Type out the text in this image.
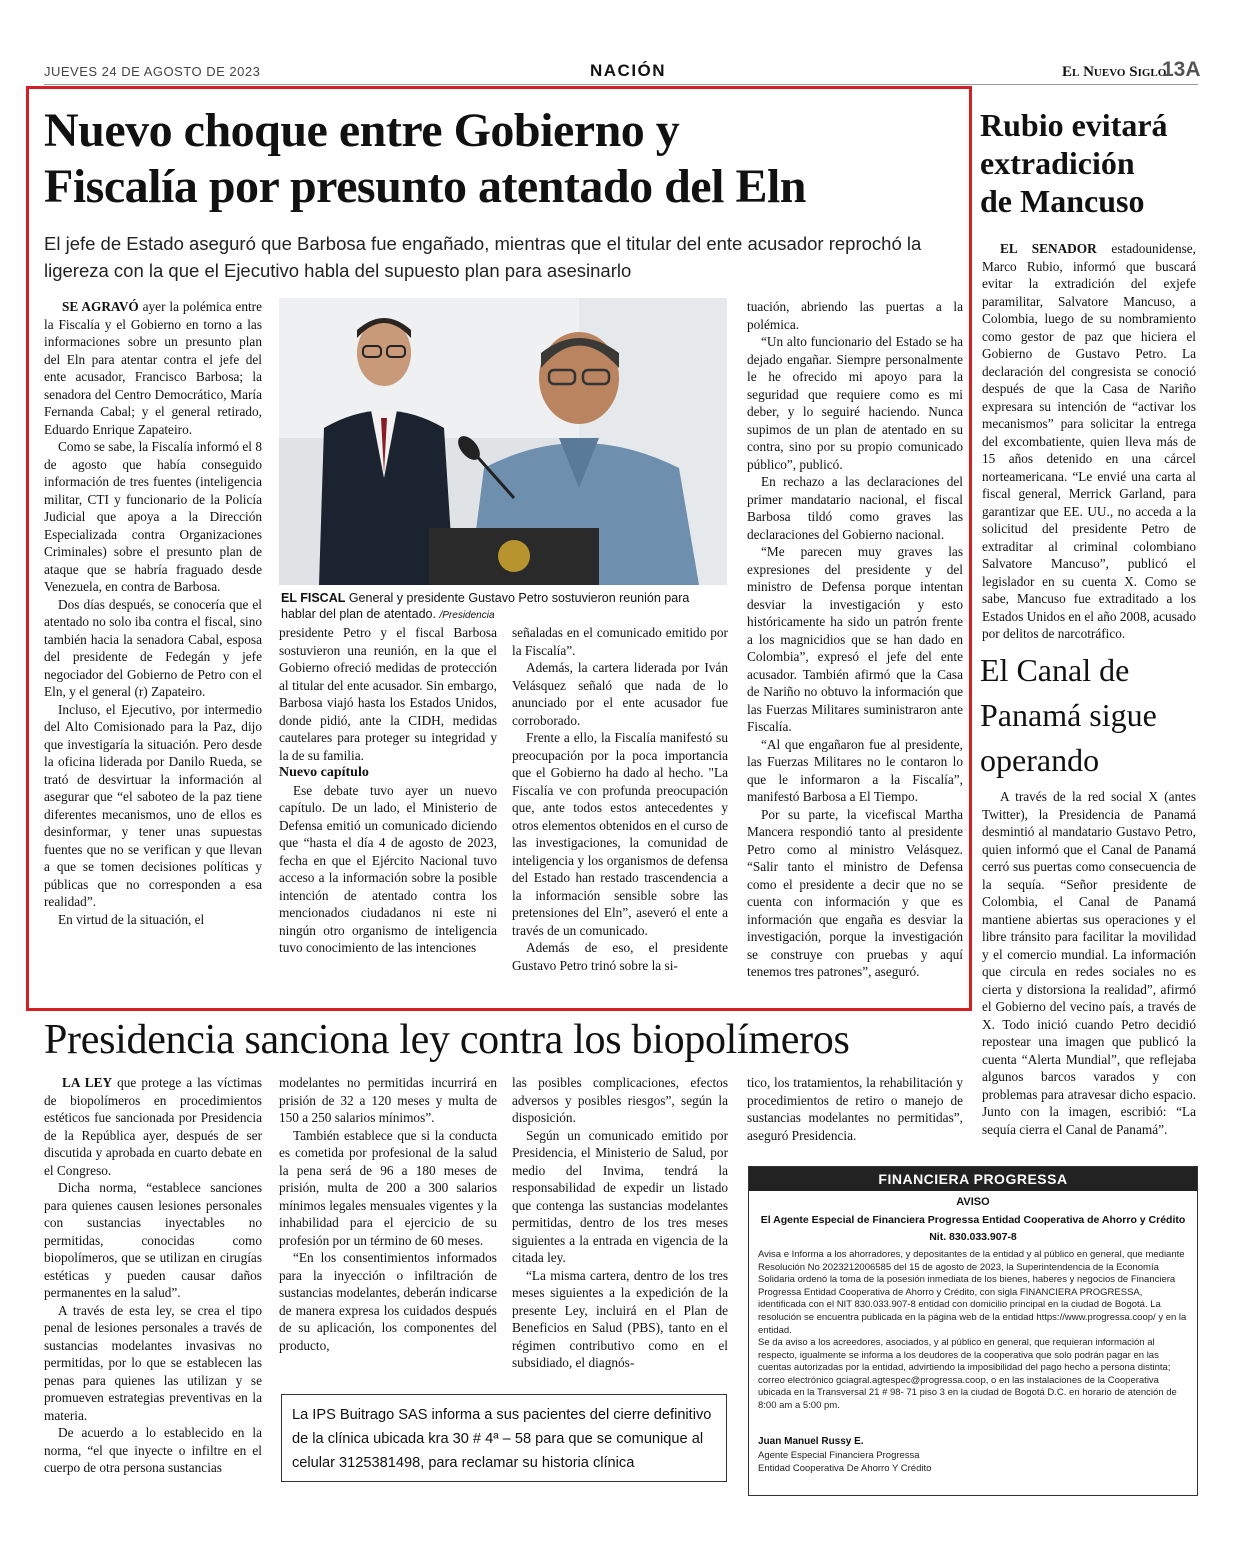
JUEVES 24 DE AGOSTO DE 2023	NACIÓN	El Nuevo Siglo
13A
Nuevo choque entre Gobierno y
Fiscalía por presunto atentado del Eln
El jefe de Estado aseguró que Barbosa fue engañado, mientras que el titular del ente acusador reprochó la ligereza con la que el Ejecutivo habla del supuesto plan para asesinarlo

SE AGRAVÓ ayer la polémica entre la Fiscalía y el Gobierno en torno a las informaciones sobre un presunto plan del Eln para atentar contra el jefe del ente acusador, Francisco Barbosa; la senadora del Centro Democrático, María Fernanda Cabal; y el general retirado, Eduardo Enrique Zapateiro.

Como se sabe, la Fiscalía informó el 8 de agosto que había conseguido información de tres fuentes (inteligencia militar, CTI y funcionario de la Policía Judicial que apoya a la Dirección Especializada contra Organizaciones Criminales) sobre el presunto plan de ataque que se habría fraguado desde Venezuela, en contra de Barbosa.

Dos días después, se conocería que el atentado no solo iba contra el fiscal, sino también hacia la senadora Cabal, esposa del presidente de Fedegán y jefe negociador del Gobierno de Petro con el Eln, y el general (r) Zapateiro.

Incluso, el Ejecutivo, por intermedio del Alto Comisionado para la Paz, dijo que investigaría la situación. Pero desde la oficina liderada por Danilo Rueda, se trató de desvirtuar la información al asegurar que “el saboteo de la paz tiene diferentes mecanismos, uno de ellos es desinformar, y tener unas supuestas fuentes que no se verifican y que llevan a que se tomen decisiones políticas y públicas que no corresponden a esa realidad”.

En virtud de la situación, el

EL FISCAL General y presidente Gustavo Petro sostuvieron reunión para hablar del plan de atentado. /Presidencia

presidente Petro y el fiscal Barbosa sostuvieron una reunión, en la que el Gobierno ofreció medidas de protección al titular del ente acusador. Sin embargo, Barbosa viajó hasta los Estados Unidos, donde pidió, ante la CIDH, medidas cautelares para proteger su integridad y la de su familia.

Nuevo capítulo

Ese debate tuvo ayer un nuevo capítulo. De un lado, el Ministerio de Defensa emitió un comunicado diciendo que “hasta el día 4 de agosto de 2023, fecha en que el Ejército Nacional tuvo acceso a la información sobre la posible intención de atentado contra los mencionados ciudadanos ni este ni ningún otro organismo de inteligencia tuvo conocimiento de las intenciones

señaladas en el comunicado emitido por la Fiscalía”.

Además, la cartera liderada por Iván Velásquez señaló que nada de lo anunciado por el ente acusador fue corroborado.

Frente a ello, la Fiscalía manifestó su preocupación por la poca importancia que el Gobierno ha dado al hecho. "La Fiscalía ve con profunda preocupación que, ante todos estos antecedentes y otros elementos obtenidos en el curso de las investigaciones, la comunidad de inteligencia y los organismos de defensa del Estado han restado trascendencia a la información sensible sobre las pretensiones del Eln”, aseveró el ente a través de un comunicado.

Además de eso, el presidente Gustavo Petro trinó sobre la si-

tuación, abriendo las puertas a la polémica.

“Un alto funcionario del Estado se ha dejado engañar. Siempre personalmente le he ofrecido mi apoyo para la seguridad que requiere como es mi deber, y lo seguiré haciendo. Nunca supimos de un plan de atentado en su contra, sino por su propio comunicado público”, publicó.

En rechazo a las declaraciones del primer mandatario nacional, el fiscal Barbosa tildó como graves las declaraciones del Gobierno nacional.

“Me parecen muy graves las expresiones del presidente y del ministro de Defensa porque intentan desviar la investigación y esto históricamente ha sido un patrón frente a los magnicidios que se han dado en Colombia”, expresó el jefe del ente acusador. También afirmó que la Casa de Nariño no obtuvo la información que las Fuerzas Militares suministraron ante Fiscalía.

“Al que engañaron fue al presidente, las Fuerzas Militares no le contaron lo que le informaron a la Fiscalía”, manifestó Barbosa a El Tiempo.

Por su parte, la vicefiscal Martha Mancera respondió tanto al presidente Petro como al ministro Velásquez. “Salir tanto el ministro de Defensa como el presidente a decir que no se cuenta con información y que es información que engaña es desviar la investigación, porque la investigación se construye con pruebas y aquí tenemos tres patrones”, aseguró.

Rubio evitará
extradición
de Mancuso

EL SENADOR estadounidense, Marco Rubio, informó que buscará evitar la extradición del exjefe paramilitar, Salvatore Mancuso, a Colombia, luego de su nombramiento como gestor de paz que hiciera el Gobierno de Gustavo Petro. La declaración del congresista se conoció después de que la Casa de Nariño expresara su intención de “activar los mecanismos” para solicitar la entrega del excombatiente, quien lleva más de 15 años detenido en una cárcel norteamericana. “Le envié una carta al fiscal general, Merrick Garland, para garantizar que EE. UU., no acceda a la solicitud del presidente Petro de extraditar al criminal colombiano Salvatore Mancuso”, publicó el legislador en su cuenta X. Como se sabe, Mancuso fue extraditado a los Estados Unidos en el año 2008, acusado por delitos de narcotráfico.

El Canal de
Panamá sigue
operando

A través de la red social X (antes Twitter), la Presidencia de Panamá desmintió al mandatario Gustavo Petro, quien informó que el Canal de Panamá cerró sus puertas como consecuencia de la sequía. “Señor presidente de Colombia, el Canal de Panamá mantiene abiertas sus operaciones y el libre tránsito para facilitar la movilidad y el comercio mundial. La información que circula en redes sociales no es cierta y distorsiona la realidad”, afirmó el Gobierno del vecino país, a través de X. Todo inició cuando Petro decidió repostear una imagen que publicó la cuenta “Alerta Mundial”, que reflejaba algunos barcos varados y con problemas para atravesar dicho espacio. Junto con la imagen, escribió: “La sequía cierra el Canal de Panamá”.

Presidencia sanciona ley contra los biopolímeros

LA LEY que protege a las víctimas de biopolímeros en procedimientos estéticos fue sancionada por Presidencia de la República ayer, después de ser discutida y aprobada en cuarto debate en el Congreso.

Dicha norma, “establece sanciones para quienes causen lesiones personales con sustancias inyectables no permitidas, conocidas como biopolímeros, que se utilizan en cirugías estéticas y pueden causar daños permanentes en la salud”.

A través de esta ley, se crea el tipo penal de lesiones personales a través de sustancias modelantes invasivas no permitidas, por lo que se establecen las penas para quienes las utilizan y se promueven estrategias preventivas en la materia.

De acuerdo a lo establecido en la norma, “el que inyecte o infiltre en el cuerpo de otra persona sustancias

modelantes no permitidas incurrirá en prisión de 32 a 120 meses y multa de 150 a 250 salarios mínimos”.

También establece que si la conducta es cometida por profesional de la salud la pena será de 96 a 180 meses de prisión, multa de 200 a 300 salarios mínimos legales mensuales vigentes y la inhabilidad para el ejercicio de su profesión por un término de 60 meses.

“En los consentimientos informados para la inyección o infiltración de sustancias modelantes, deberán indicarse de manera expresa los cuidados después de su aplicación, los componentes del producto,

las posibles complicaciones, efectos adversos y posibles riesgos”, según la disposición.

Según un comunicado emitido por Presidencia, el Ministerio de Salud, por medio del Invima, tendrá la responsabilidad de expedir un listado que contenga las sustancias modelantes permitidas, dentro de los tres meses siguientes a la entrada en vigencia de la citada ley.

“La misma cartera, dentro de los tres meses siguientes a la expedición de la presente Ley, incluirá en el Plan de Beneficios en Salud (PBS), tanto en el régimen contributivo como en el subsidiado, el diagnós-

tico, los tratamientos, la rehabilitación y procedimientos de retiro o manejo de sustancias modelantes no permitidas”, aseguró Presidencia.

La IPS Buitrago SAS informa a sus pacientes del cierre definitivo de la clínica ubicada kra 30 # 4ª – 58 para que se comunique al celular 3125381498, para reclamar su historia clínica
FINANCIERA PROGRESSA
AVISO
El Agente Especial de Financiera Progressa Entidad Cooperativa de Ahorro y Crédito
Nit. 830.033.907-8
Avisa e Informa a los ahorradores, y depositantes de la entidad y al público en general, que mediante Resolución No 2023212006585 del 15 de agosto de 2023, la Superintendencia de la Economía Solidaria ordenó la toma de la posesión inmediata de los bienes, haberes y negocios de Financiera Progressa Entidad Cooperativa de Ahorro y Crédito, con sigla FINANCIERA PROGRESSA, identificada con el NIT 830.033.907-8 entidad con domicilio principal en la ciudad de Bogotá. La resolución se encuentra publicada en la página web de la entidad https://www.progressa.coop/ y en la entidad.
Se da aviso a los acreedores, asociados, y al público en general, que requieran información al respecto, igualmente se informa a los deudores de la cooperativa que solo podrán pagar en las cuentas autorizadas por la entidad, advirtiendo la imposibilidad del pago hecho a persona distinta; correo electrónico gciagral.agtespec@progressa.coop, o en las instalaciones de la Cooperativa ubicada en la Transversal 21 # 98- 71 piso 3 en la ciudad de Bogotá D.C. en horario de atención de 8:00 am a 5:00 pm.
Juan Manuel Russy E.
Agente Especial Financiera Progressa
Entidad Cooperativa De Ahorro Y Crédito
